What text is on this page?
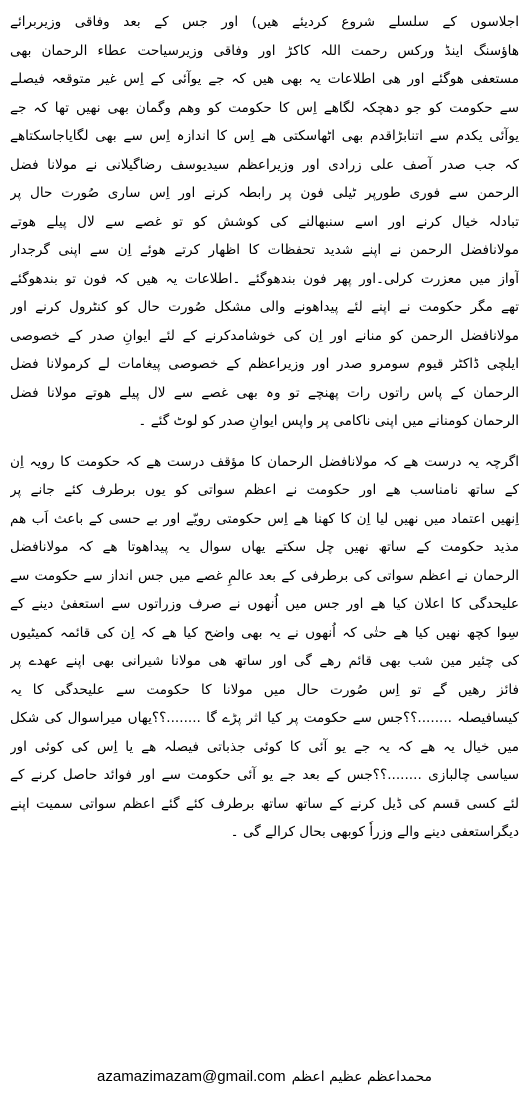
اجلاسوں کے سلسلے شروع کردیئے ھیں) اور جس کے بعد وفاقی وزیربرائے
ھاؤسنگ اینڈ ورکس رحمت اللہ کاکڑ اور وفاقی وزیرسیاحت عطاء الرحمان بھی
مستعفی ھوگئے اور ھی اطلاعات یہ بھی ھیں کہ جے یوآئی کے اِس غیر متوقعہ فیصلے
سے حکومت کو جو دھچکہ لگاھے اِس کا حکومت کو وھم وگمان بھی نھیں تھا کہ جے
یوآئی یکدم سے اتنابڑاقدم بھی اٹھاسکتی ھے اِس کا اندازہ اِس سے بھی لگایاجاسکتاھے
کہ جب صدر آصف علی زرادی اور وزیراعظم سیدیوسف رضاگیلانی نے مولانا فضل
الرحمن سے فوری طورپر ٹیلی فون پر رابطہ کرنے اور اِس ساری صُورت حال پر
تبادلہ خیال کرنے اور اسے سنبھالنے کی کوشش کو تو غصے سے لال پیلے ھوتے
مولانافضل الرحمن نے اپنے شدید تحفظات کا اظھار کرتے ھوئے اِن سے اپنی گرجدار
آواز میں معزرت کرلی۔اور پھر فون بندھوگئے ۔اطلاعات یہ ھیں کہ فون تو بندھوگئے
تھے مگر حکومت نے اپنے لئے پیداھونے والی مشکل صُورت حال کو کنٹرول کرنے اور
مولانافضل الرحمن کو منانے اور اِن کی خوشامدکرنے کے لئے ایوانِ صدر کے خصوصی
ایلچی ڈاکٹر قیوم سومرو صدر اور وزیراعظم کے خصوصی پیغامات لے کرمولانا فضل
الرحمان کے پاس راتوں رات پھنچے تو وہ بھی غصے سے لال پیلے ھوتے مولانا فضل
الرحمان کومنانے میں اپنی ناکامی پر واپس ایوانِ صدر کو لوٹ گئے ۔
اگرچہ یہ درست ھے کہ مولانافضل الرحمان کا مؤقف درست ھے کہ حکومت کا رویہ اِن
کے ساتھ نامناسب ھے اور حکومت نے اعظم سواتی کو یوں برطرف کئے جانے پر
اِنھیں اعتماد میں نھیں لیا اِن کا کھنا ھے اِس حکومتی رویّے اور بے حسی کے باعث اَب ھم
مذید حکومت کے ساتھ نھیں چل سکتے یھاں سوال یہ پیداھوتا ھے کہ مولانافضل
الرحمان نے اعظم سواتی کی برطرفی کے بعد عالمِ غصے میں جس انداز سے حکومت سے
علیحدگی کا اعلان کیا ھے اور جس میں اُنھوں نے صرف وزراتوں سے استعفیٰ دینے کے
سِوا کچھ نھیں کیا ھے حتٰی کہ اُنھوں نے یہ بھی واضح کیا ھے کہ اِن کی قائمہ کمیٹیوں
کی چئیر مین شب بھی قائم رھے گی اور ساتھ ھی مولانا شیرانی بھی اپنے عھدے پر
فائز رھیں گے تو اِس صُورت حال میں مولانا کا حکومت سے علیحدگی کا یہ
کیسافیصلہ ........؟؟جس سے حکومت پر کیا اثر پڑے گا ........؟؟یھاں میراسوال کی شکل
میں خیال یہ ھے کہ یہ جے یو آئی کا کوئی جذباتی فیصلہ ھے یا اِس کی کوئی اور
سیاسی چالبازی ........؟؟جس کے بعد جے یو آئی حکومت سے اور فوائد حاصل کرنے کے
لئے کسی قسم کی ڈیل کرنے کے ساتھ ساتھ برطرف کئے گئے اعظم سواتی سمیت اپنے
دیگراستعفی دینے والے وزراٗ کوبھی بحال کرالے گی ۔
azamazimazam@gmail.com محمداعظم عظیم اعظم
